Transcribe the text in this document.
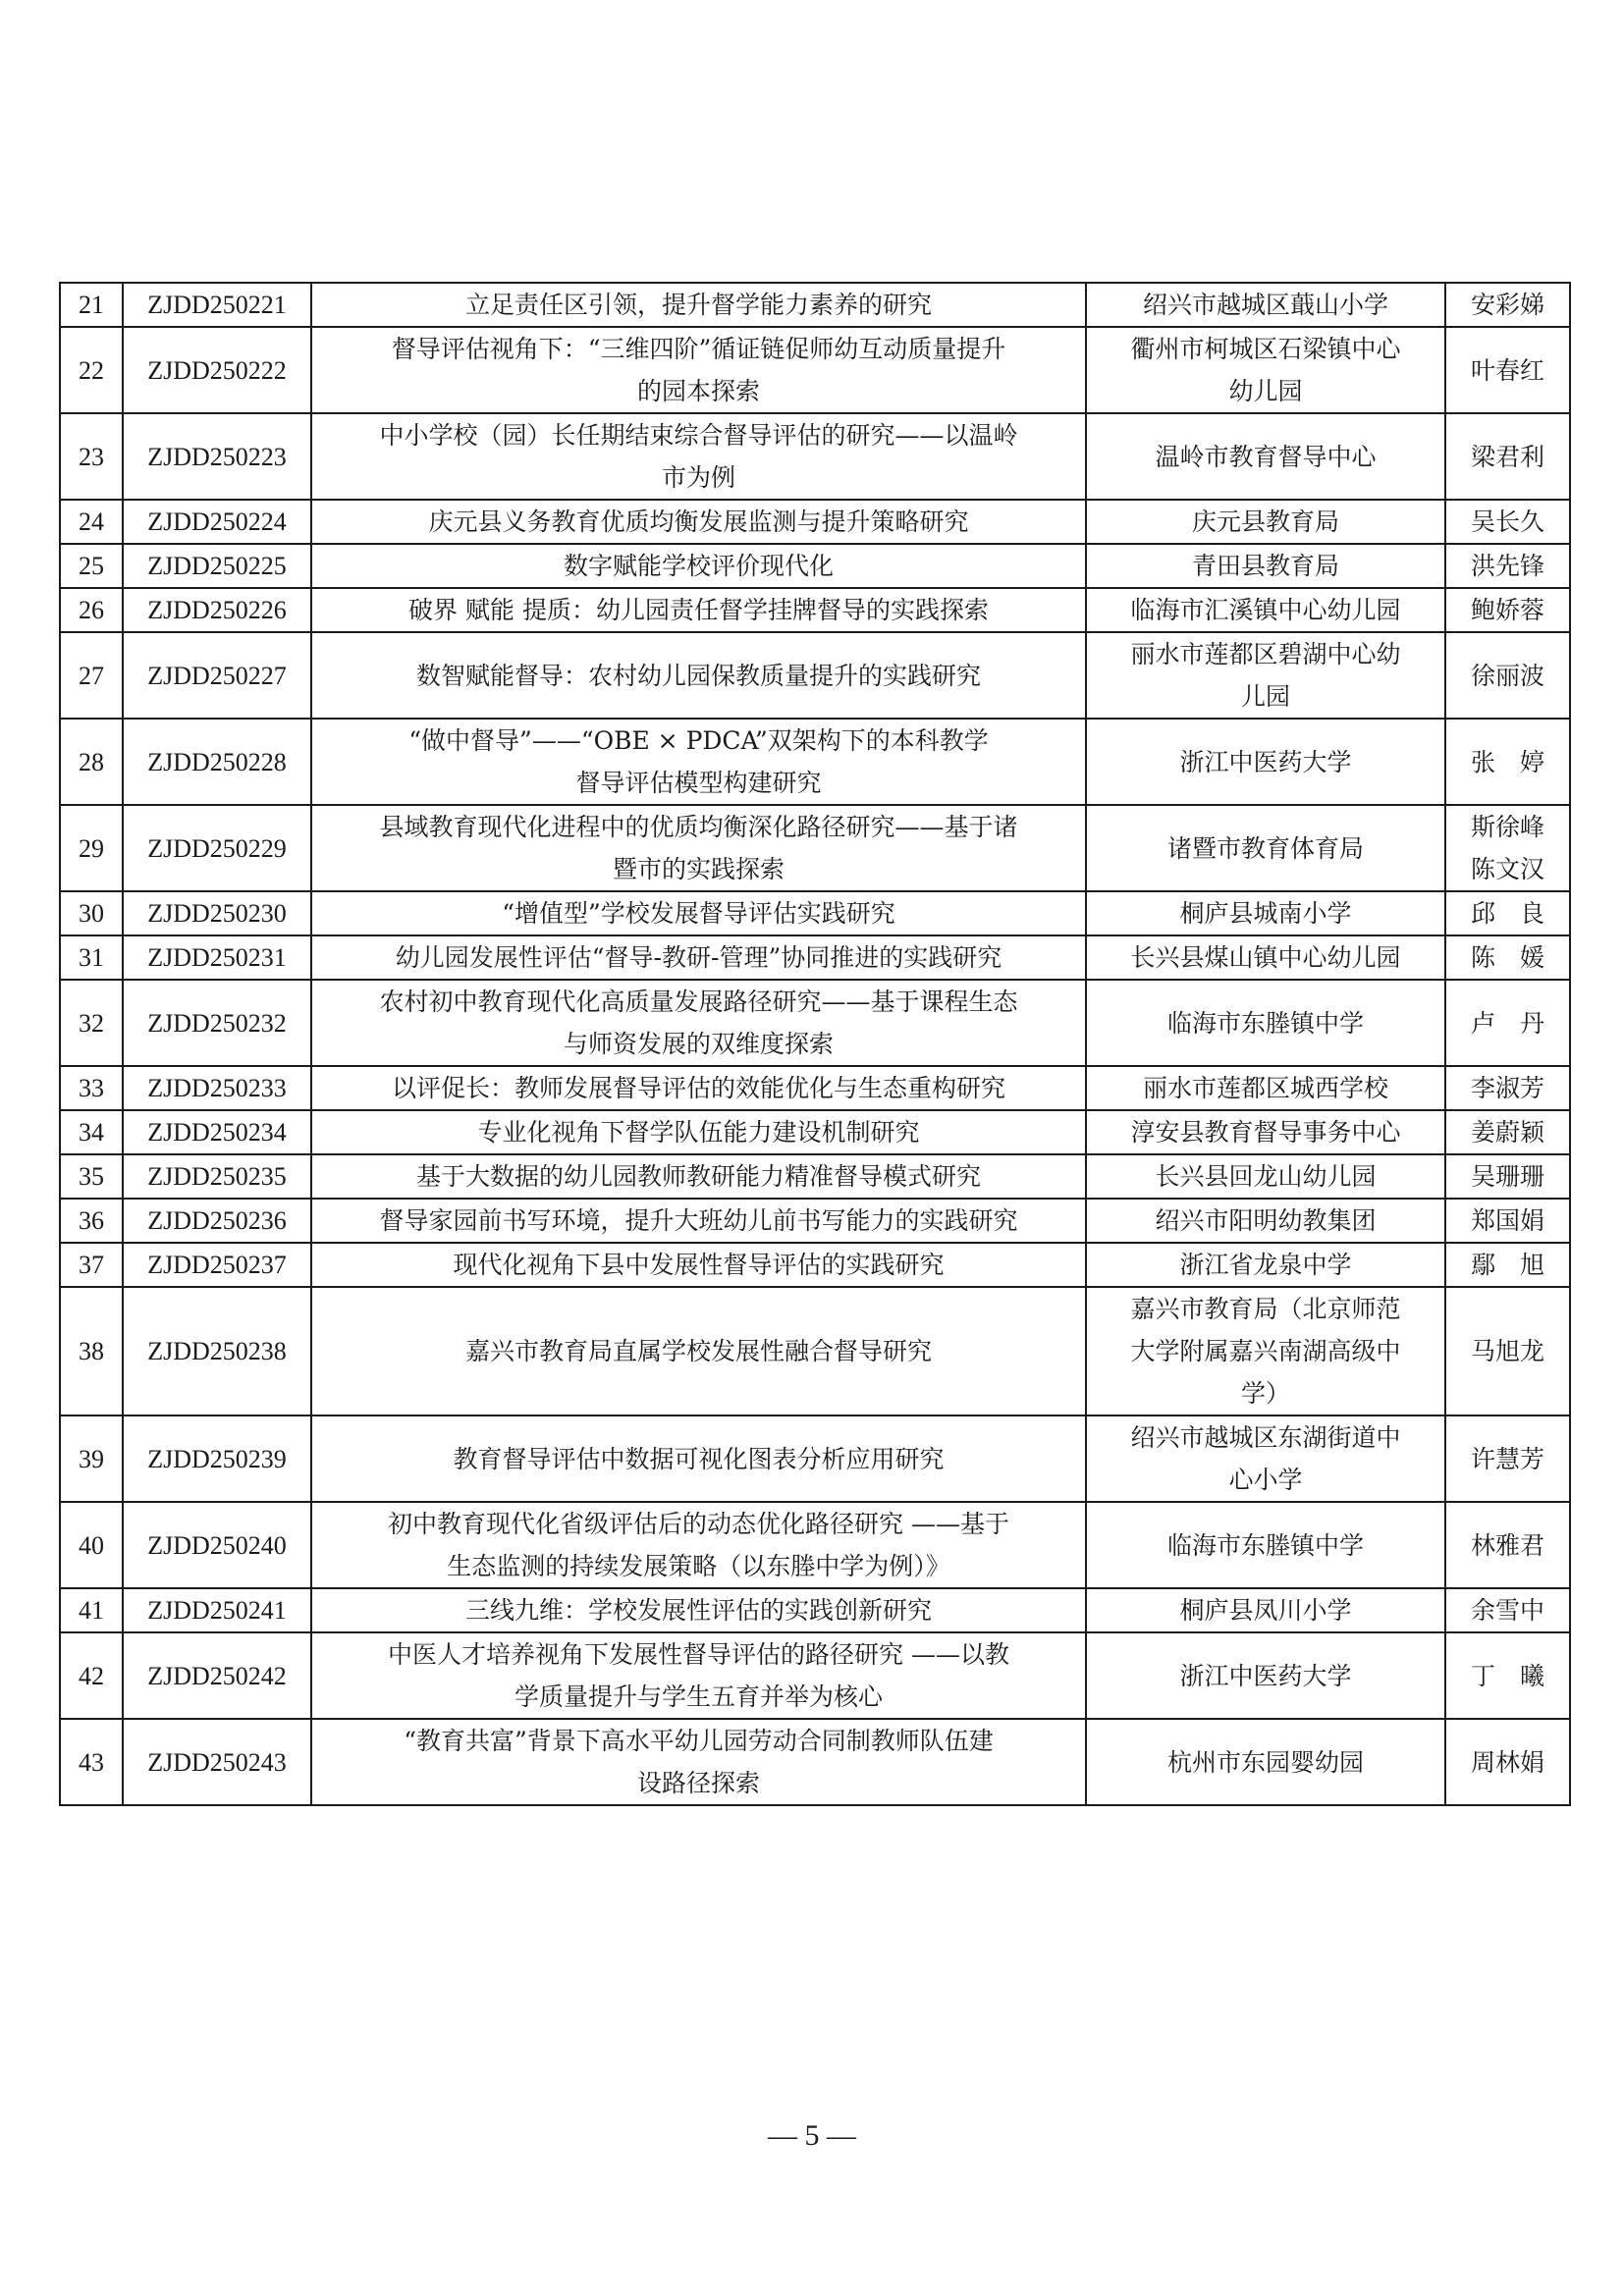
21	ZJDD250221	立足责任区引领，提升督学能力素养的研究	绍兴市越城区蕺山小学	安彩娣

22	ZJDD250222	督导评估视角下：“三维四阶”循证链促师幼互动质量提升
的园本探索	衢州市柯城区石梁镇中心
幼儿园	叶春红

23	ZJDD250223	中小学校（园）长任期结束综合督导评估的研究——以温岭
市为例	温岭市教育督导中心	梁君利

24	ZJDD250224	庆元县义务教育优质均衡发展监测与提升策略研究	庆元县教育局	吴长久

25	ZJDD250225	数字赋能学校评价现代化	青田县教育局	洪先锋

26	ZJDD250226	破界 赋能 提质：幼儿园责任督学挂牌督导的实践探索	临海市汇溪镇中心幼儿园	鲍娇蓉

27	ZJDD250227	数智赋能督导：农村幼儿园保教质量提升的实践研究	丽水市莲都区碧湖中心幼
儿园	徐丽波

28	ZJDD250228	“做中督导”——“OBE × PDCA”双架构下的本科教学
督导评估模型构建研究	浙江中医药大学	张　婷

29	ZJDD250229	县域教育现代化进程中的优质均衡深化路径研究——基于诸
暨市的实践探索	诸暨市教育体育局	斯徐峰
陈文汉

30	ZJDD250230	“增值型”学校发展督导评估实践研究	桐庐县城南小学	邱　良

31	ZJDD250231	幼儿园发展性评估“督导-教研-管理”协同推进的实践研究	长兴县煤山镇中心幼儿园	陈　媛

32	ZJDD250232	农村初中教育现代化高质量发展路径研究——基于课程生态
与师资发展的双维度探索	临海市东塍镇中学	卢　丹

33	ZJDD250233	以评促长：教师发展督导评估的效能优化与生态重构研究	丽水市莲都区城西学校	李淑芳

34	ZJDD250234	专业化视角下督学队伍能力建设机制研究	淳安县教育督导事务中心	姜蔚颖

35	ZJDD250235	基于大数据的幼儿园教师教研能力精准督导模式研究	长兴县回龙山幼儿园	吴珊珊

36	ZJDD250236	督导家园前书写环境，提升大班幼儿前书写能力的实践研究	绍兴市阳明幼教集团	郑国娟

37	ZJDD250237	现代化视角下县中发展性督导评估的实践研究	浙江省龙泉中学	鄢　旭

38	ZJDD250238	嘉兴市教育局直属学校发展性融合督导研究	嘉兴市教育局（北京师范
大学附属嘉兴南湖高级中
学）	马旭龙

39	ZJDD250239	教育督导评估中数据可视化图表分析应用研究	绍兴市越城区东湖街道中
心小学	许慧芳

40	ZJDD250240	初中教育现代化省级评估后的动态优化路径研究 ——基于
生态监测的持续发展策略（以东塍中学为例）》	临海市东塍镇中学	林雅君

41	ZJDD250241	三线九维：学校发展性评估的实践创新研究	桐庐县凤川小学	余雪中

42	ZJDD250242	中医人才培养视角下发展性督导评估的路径研究 ——以教
学质量提升与学生五育并举为核心	浙江中医药大学	丁　曦

43	ZJDD250243	“教育共富”背景下高水平幼儿园劳动合同制教师队伍建
设路径探索	杭州市东园婴幼园	周林娟
— 5 —
